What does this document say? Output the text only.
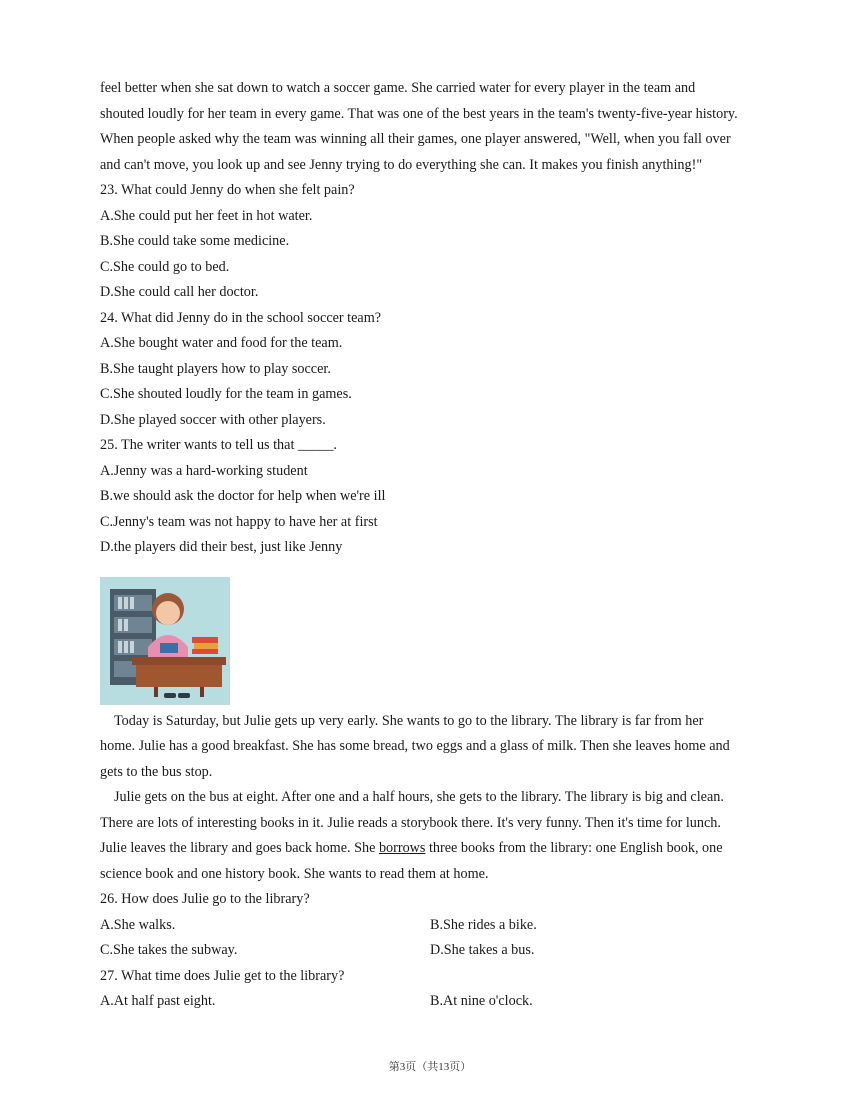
feel better when she sat down to watch a soccer game. She carried water for every player in the team and
shouted loudly for her team in every game. That was one of the best years in the team's twenty-five-year history.
When people asked why the team was winning all their games, one player answered, "Well, when you fall over
and can't move, you look up and see Jenny trying to do everything she can. It makes you finish anything!"
23. What could Jenny do when she felt pain?
A.She could put her feet in hot water.
B.She could take some medicine.
C.She could go to bed.
D.She could call her doctor.
24. What did Jenny do in the school soccer team?
A.She bought water and food for the team.
B.She taught players how to play soccer.
C.She shouted loudly for the team in games.
D.She played soccer with other players.
25. The writer wants to tell us that _____.
A.Jenny was a hard-working student
B.we should ask the doctor for help when we're ill
C.Jenny's team was not happy to have her at first
D.the players did their best, just like Jenny
Today is Saturday, but Julie gets up very early. She wants to go to the library. The library is far from her
home. Julie has a good breakfast. She has some bread, two eggs and a glass of milk. Then she leaves home and
gets to the bus stop.
Julie gets on the bus at eight. After one and a half hours, she gets to the library. The library is big and clean.
There are lots of interesting books in it. Julie reads a storybook there. It's very funny. Then it's time for lunch.
Julie leaves the library and goes back home. She borrows three books from the library: one English book, one
science book and one history book. She wants to read them at home.
26. How does Julie go to the library?
A.She walks.	B.She rides a bike.
C.She takes the subway.	D.She takes a bus.
27. What time does Julie get to the library?
A.At half past eight.	B.At nine o'clock.
第3页（共13页）
